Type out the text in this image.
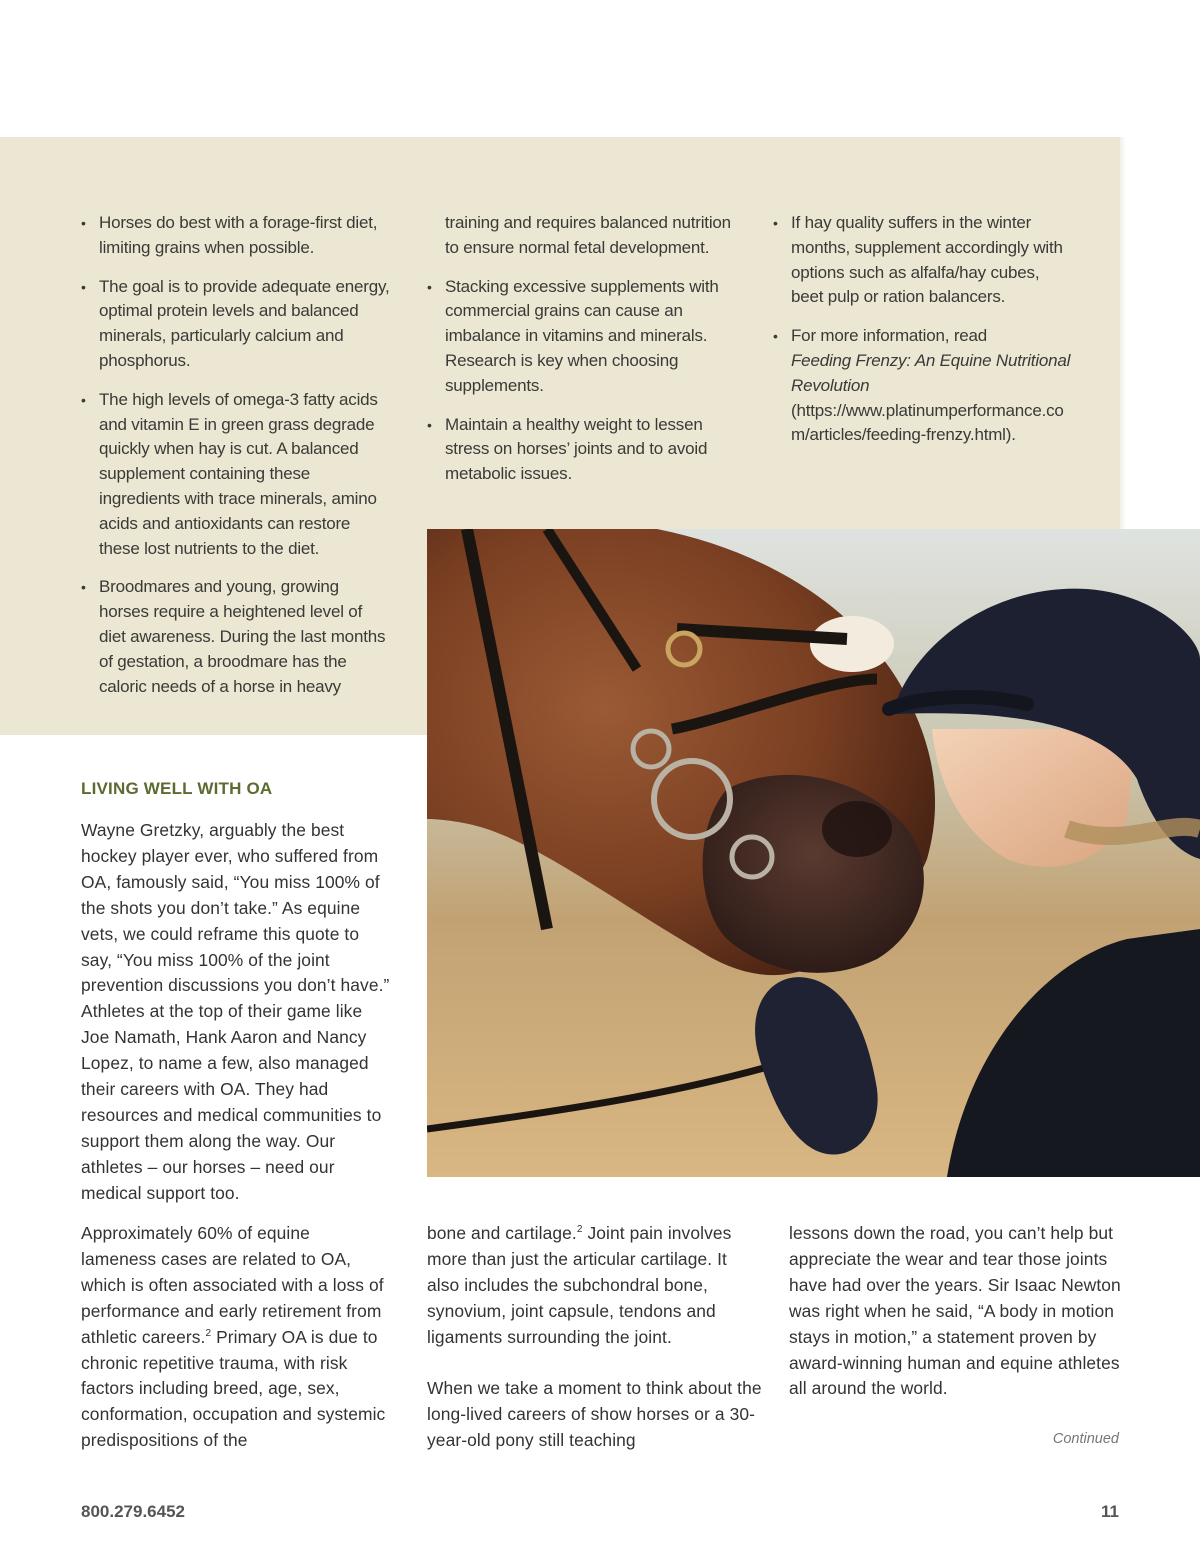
• Horses do best with a forage-first diet, limiting grains when possible.
• The goal is to provide adequate energy, optimal protein levels and balanced minerals, particularly calcium and phosphorus.
• The high levels of omega-3 fatty acids and vitamin E in green grass degrade quickly when hay is cut. A balanced supplement containing these ingredients with trace minerals, amino acids and antioxidants can restore these lost nutrients to the diet.
• Broodmares and young, growing horses require a heightened level of diet awareness. During the last months of gestation, a broodmare has the caloric needs of a horse in heavy
training and requires balanced nutrition to ensure normal fetal development.
• Stacking excessive supplements with commercial grains can cause an imbalance in vitamins and minerals. Research is key when choosing supplements.
• Maintain a healthy weight to lessen stress on horses’ joints and to avoid metabolic issues.
• If hay quality suffers in the winter months, supplement accordingly with options such as alfalfa/hay cubes, beet pulp or ration balancers.
• For more information, read
Feeding Frenzy: An Equine Nutritional Revolution
(https://www.platinumperformance.com/articles/feeding-frenzy.html).
LIVING WELL WITH OA

Wayne Gretzky, arguably the best hockey player ever, who suffered from OA, famously said, “You miss 100% of the shots you don’t take.” As equine vets, we could reframe this quote to say, “You miss 100% of the joint prevention discussions you don’t have.” Athletes at the top of their game like Joe Namath, Hank Aaron and Nancy Lopez, to name a few, also managed their careers with OA. They had resources and medical communities to support them along the way. Our athletes – our horses – need our medical support too.

Approximately 60% of equine lameness cases are related to OA, which is often associated with a loss of performance and early retirement from athletic careers.$^2$ Primary OA is due to chronic repetitive trauma, with risk factors including breed, age, sex, conformation, occupation and systemic predispositions of the

bone and cartilage.$^2$ Joint pain involves more than just the articular cartilage. It also includes the subchondral bone, synovium, joint capsule, tendons and ligaments surrounding the joint.

When we take a moment to think about the long-lived careers of show horses or a 30-year-old pony still teaching

lessons down the road, you can’t help but appreciate the wear and tear those joints have had over the years. Sir Isaac Newton was right when he said, “A body in motion stays in motion,” a statement proven by award-winning human and equine athletes all around the world.

Continued
800.279.6452	11
